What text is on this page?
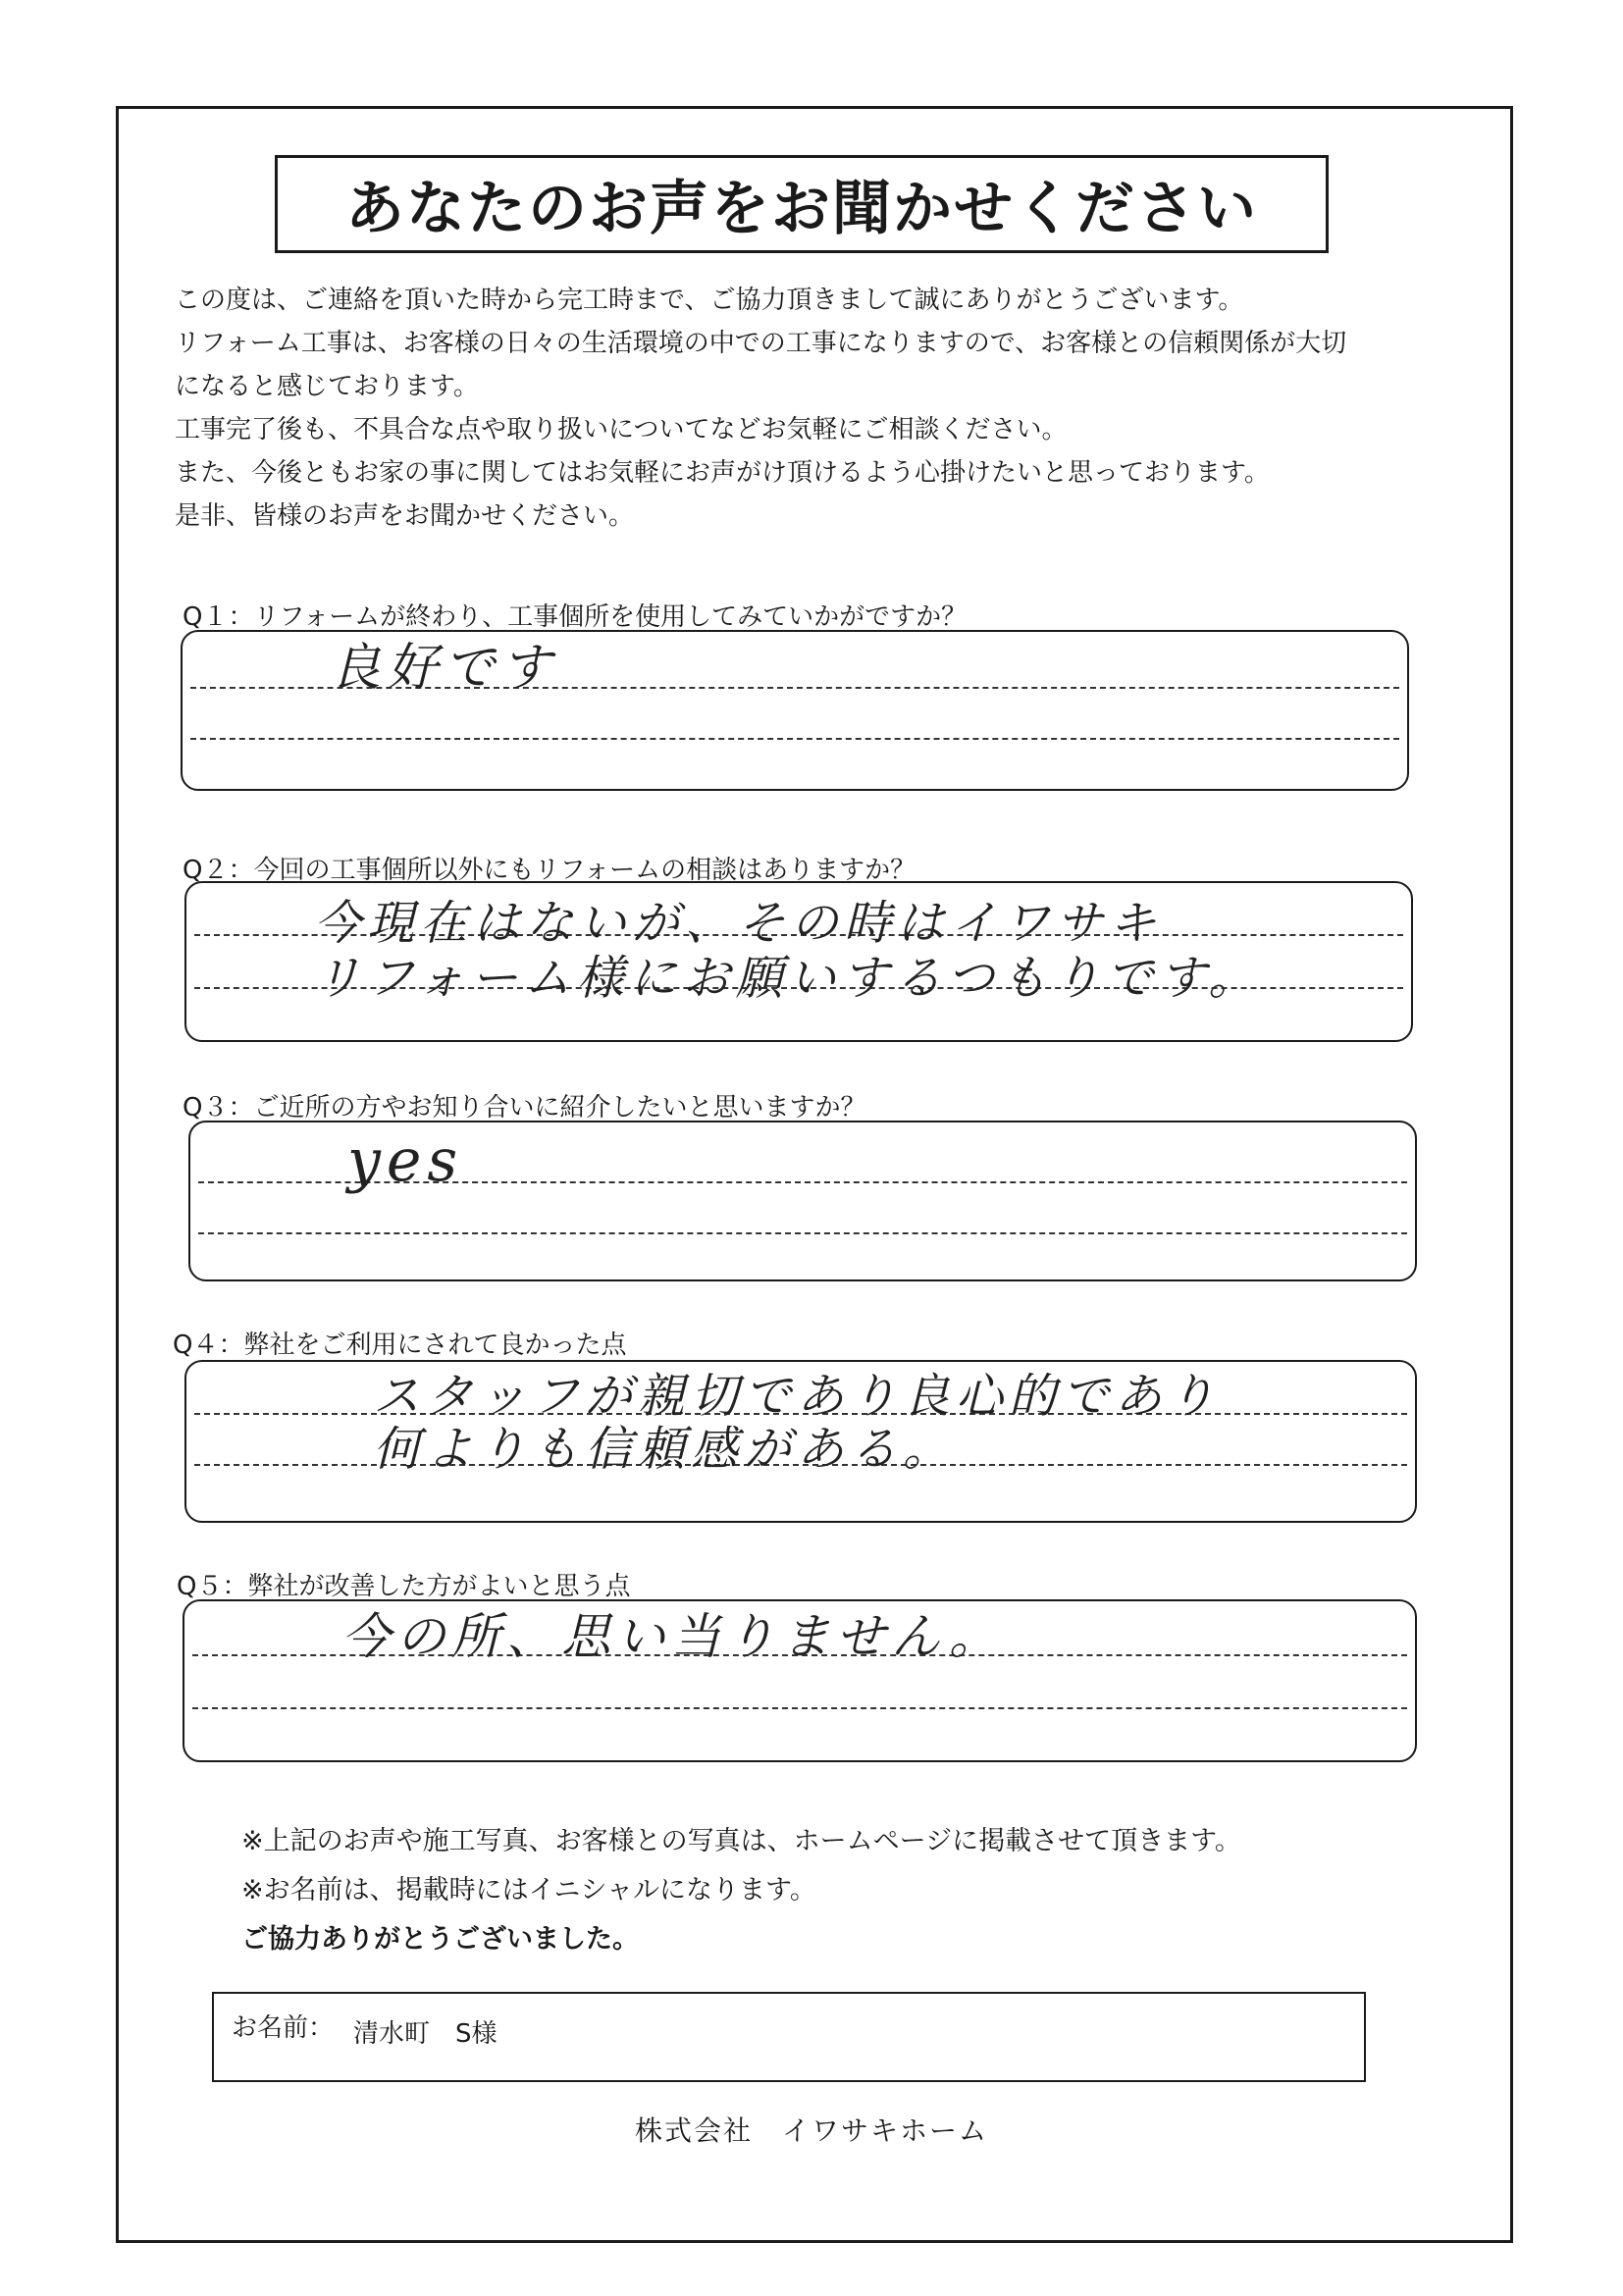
あなたのお声をお聞かせください
この度は、ご連絡を頂いた時から完工時まで、ご協力頂きまして誠にありがとうございます。
リフォーム工事は、お客様の日々の生活環境の中での工事になりますので、お客様との信頼関係が大切
になると感じております。
工事完了後も、不具合な点や取り扱いについてなどお気軽にご相談ください。
また、今後ともお家の事に関してはお気軽にお声がけ頂けるよう心掛けたいと思っております。
是非、皆様のお声をお聞かせください。
Q１：リフォームが終わり、工事個所を使用してみていかがですか？
良好です
Q２：今回の工事個所以外にもリフォームの相談はありますか？
今現在はないが、その時はイワサキ
リフォーム様にお願いするつもりです。
Q３：ご近所の方やお知り合いに紹介したいと思いますか？
yes
Q４：弊社をご利用にされて良かった点
スタッフが親切であり良心的であり
何よりも信頼感がある。
Q５：弊社が改善した方がよいと思う点
今の所、思い当りません。
※上記のお声や施工写真、お客様との写真は、ホームページに掲載させて頂きます。
※お名前は、掲載時にはイニシャルになります。
ご協力ありがとうございました。
お名前： 清水町　S様
株式会社　イワサキホーム
